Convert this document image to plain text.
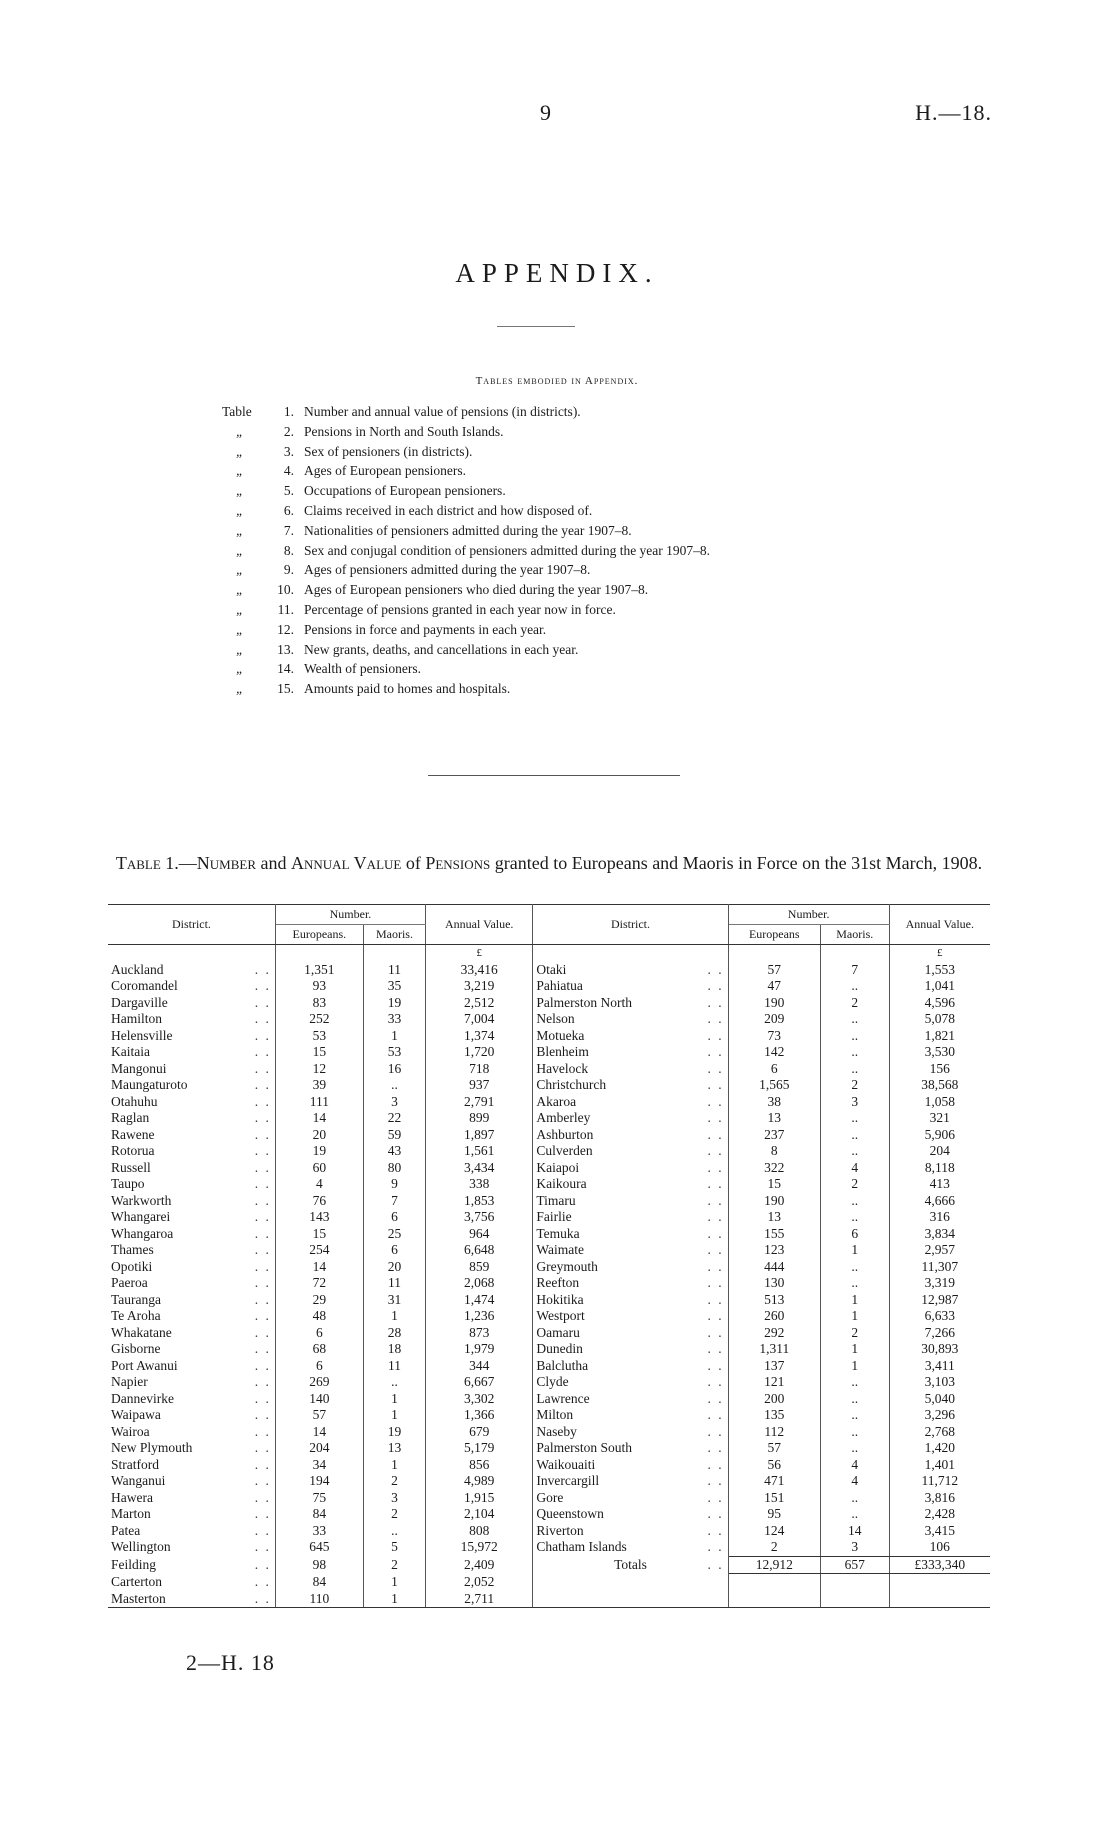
9	H.—18.
APPENDIX.
Tables embodied in Appendix.
Table 1. Number and annual value of pensions (in districts).
„	2. Pensions in North and South Islands.
„	3. Sex of pensioners (in districts).
„	4. Ages of European pensioners.
„	5. Occupations of European pensioners.
„	6. Claims received in each district and how disposed of.
„	7. Nationalities of pensioners admitted during the year 1907–8.
„	8. Sex and conjugal condition of pensioners admitted during the year 1907–8.
„	9. Ages of pensioners admitted during the year 1907–8.
„ 10. Ages of European pensioners who died during the year 1907–8.
„	11. Percentage of pensions granted in each year now in force.
„ 12. Pensions in force and payments in each year.
„ 13. New grants, deaths, and cancellations in each year.
„ 14. Wealth of pensioners.
„ 15. Amounts paid to homes and hospitals.
Table 1.—Number and Annual Value of Pensions granted to Europeans and Maoris in Force on the 31st March, 1908.
District.	Number.		Annual Value.	District.	Number.		Annual Value.
	Europeans.	Maoris.			Europeans	Maoris.	
			£				£
Auckland . .	1,351	11	33,416	Otaki . .	57	7	1,553
Coromandel . .	93	35	3,219	Pahiatua . .	47	..	1,041
Dargaville . .	83	19	2,512	Palmerston North . .	190	2	4,596
Hamilton . .	252	33	7,004	Nelson . .	209	..	5,078
Helensville . .	53	1	1,374	Motueka . .	73	..	1,821
Kaitaia . .	15	53	1,720	Blenheim . .	142	..	3,530
Mangonui . .	12	16	718	Havelock . .	6	..	156
Maungaturoto . .	39	..	937	Christchurch . .	1,565	2	38,568
Otahuhu . .	111	3	2,791	Akaroa . .	38	3	1,058
Raglan . .	14	22	899	Amberley . .	13	..	321
Rawene . .	20	59	1,897	Ashburton . .	237	..	5,906
Rotorua . .	19	43	1,561	Culverden . .	8	..	204
Russell . .	60	80	3,434	Kaiapoi . .	322	4	8,118
Taupo . .	4	9	338	Kaikoura . .	15	2	413
Warkworth . .	76	7	1,853	Timaru . .	190	..	4,666
Whangarei . .	143	6	3,756	Fairlie . .	13	..	316
Whangaroa . .	15	25	964	Temuka . .	155	6	3,834
Thames . .	254	6	6,648	Waimate . .	123	1	2,957
Opotiki . .	14	20	859	Greymouth . .	444	..	11,307
Paeroa . .	72	11	2,068	Reefton . .	130	..	3,319
Tauranga . .	29	31	1,474	Hokitika . .	513	1	12,987
Te Aroha . .	48	1	1,236	Westport . .	260	1	6,633
Whakatane . .	6	28	873	Oamaru . .	292	2	7,266
Gisborne . .	68	18	1,979	Dunedin . .	1,311	1	30,893
Port Awanui . .	6	11	344	Balclutha . .	137	1	3,411
Napier . .	269	..	6,667	Clyde . .	121	..	3,103
Dannevirke . .	140	1	3,302	Lawrence . .	200	..	5,040
Waipawa . .	57	1	1,366	Milton . .	135	..	3,296
Wairoa . .	14	19	679	Naseby . .	112	..	2,768
New Plymouth . .	204	13	5,179	Palmerston South . .	57	..	1,420
Stratford . .	34	1	856	Waikouaiti . .	56	4	1,401
Wanganui . .	194	2	4,989	Invercargill . .	471	4	11,712
Hawera . .	75	3	1,915	Gore . .	151	..	3,816
Marton . .	84	2	2,104	Queenstown . .	95	..	2,428
Patea . .	33	..	808	Riverton . .	124	14	3,415
Wellington . .	645	5	15,972	Chatham Islands . .	2	3	106
Feilding . .	98	2	2,409	Totals . .	12,912	657	£333,340
Carterton . .	84	1	2,052				
Masterton . .	110	1	2,711				
2—H. 18
